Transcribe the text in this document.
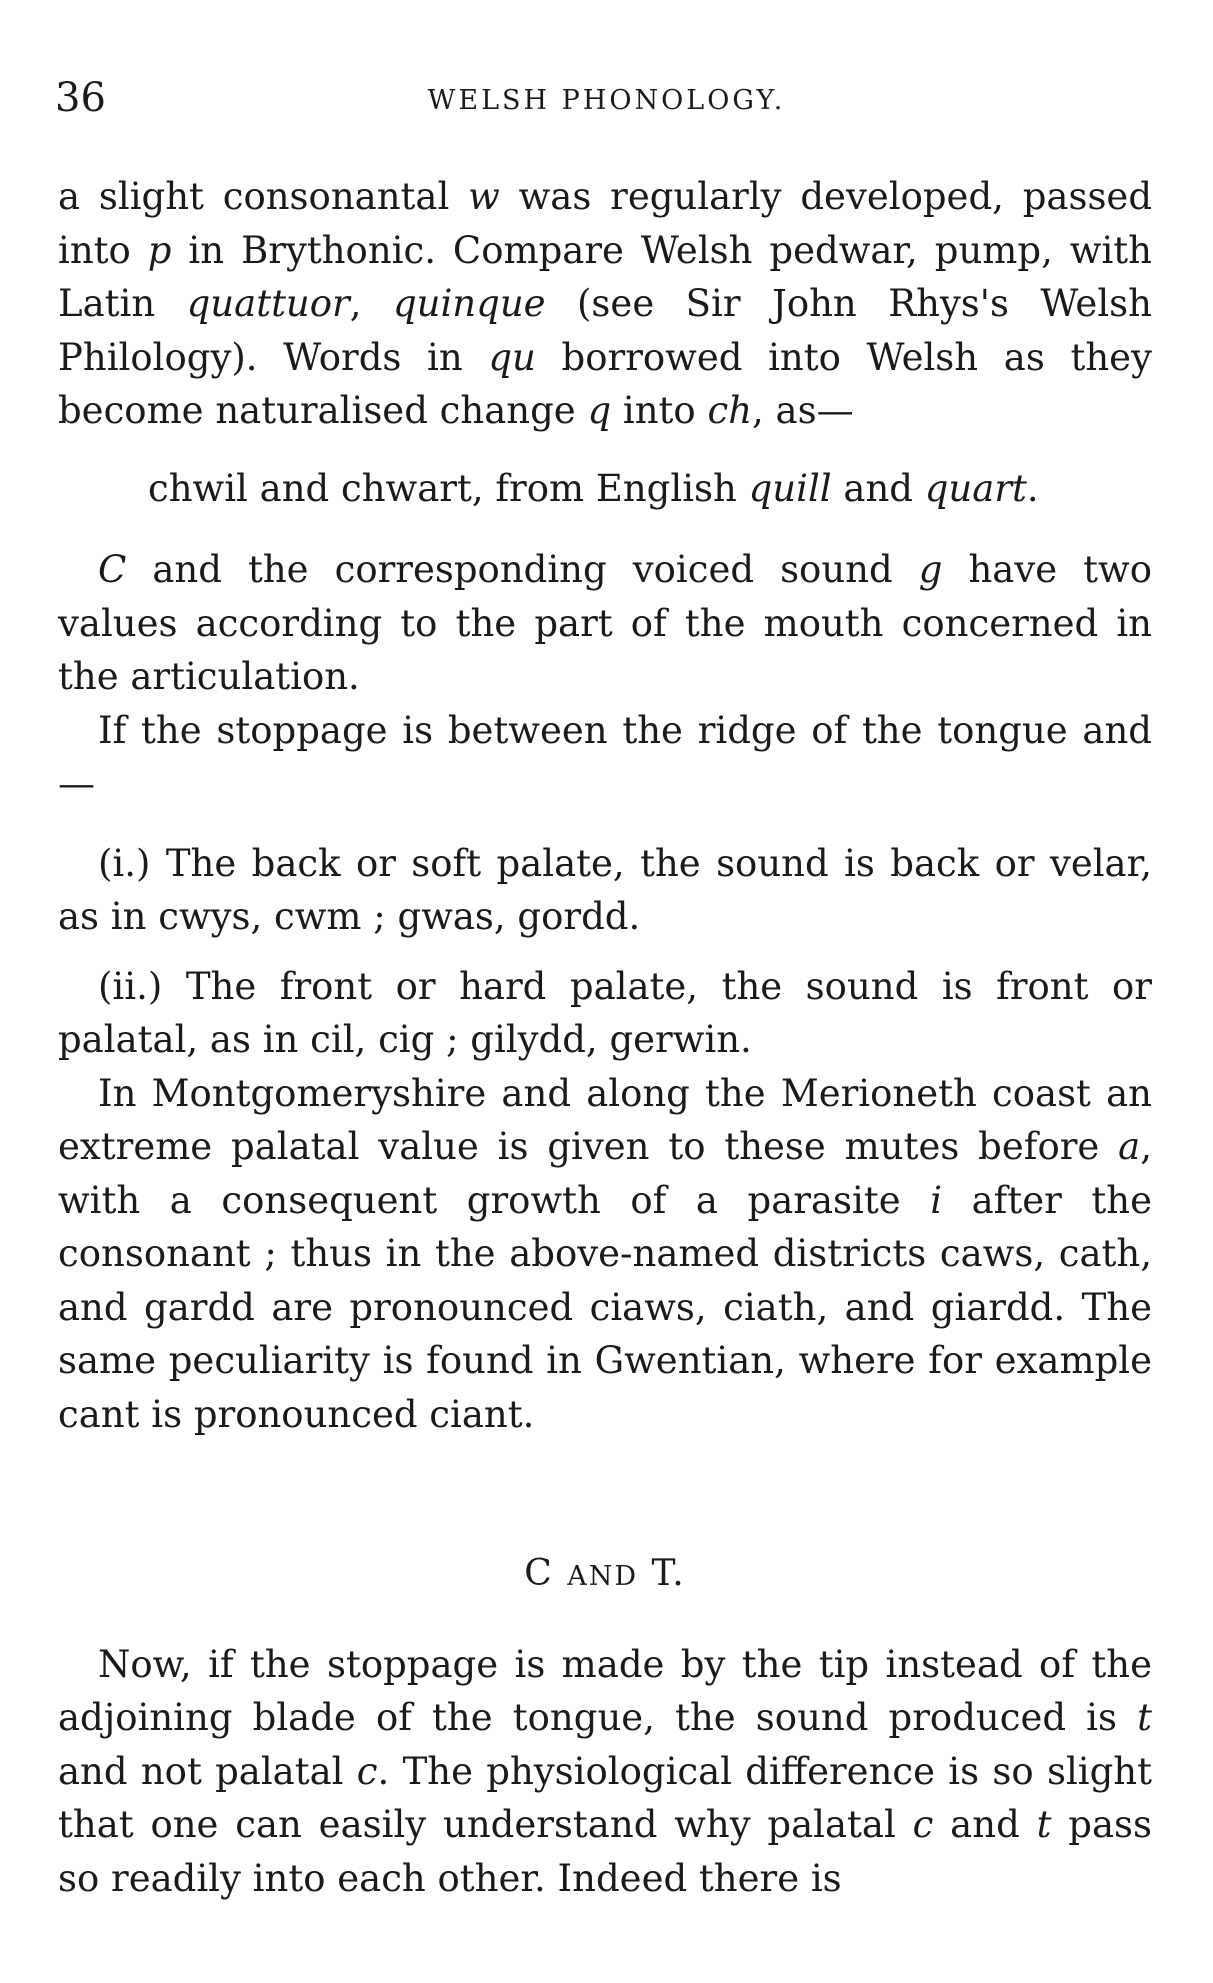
36	WELSH PHONOLOGY.

a slight consonantal w was regularly developed, passed into p in Brythonic. Compare Welsh pedwar, pump, with Latin quattuor, quinque (see Sir John Rhys's Welsh Philology). Words in qu borrowed into Welsh as they become naturalised change q into ch, as—

chwil and chwart, from English quill and quart.

C and the corresponding voiced sound g have two values according to the part of the mouth concerned in the articulation.

If the stoppage is between the ridge of the tongue and—

(i.) The back or soft palate, the sound is back or velar, as in cwys, cwm ; gwas, gordd.

(ii.) The front or hard palate, the sound is front or palatal, as in cil, cig ; gilydd, gerwin.

In Montgomeryshire and along the Merioneth coast an extreme palatal value is given to these mutes before a, with a consequent growth of a parasite i after the consonant ; thus in the above-named districts caws, cath, and gardd are pronounced ciaws, ciath, and giardd. The same peculiarity is found in Gwentian, where for example cant is pronounced ciant.

C AND T.

Now, if the stoppage is made by the tip instead of the adjoining blade of the tongue, the sound produced is t and not palatal c. The physiological difference is so slight that one can easily understand why palatal c and t pass so readily into each other. Indeed there is
